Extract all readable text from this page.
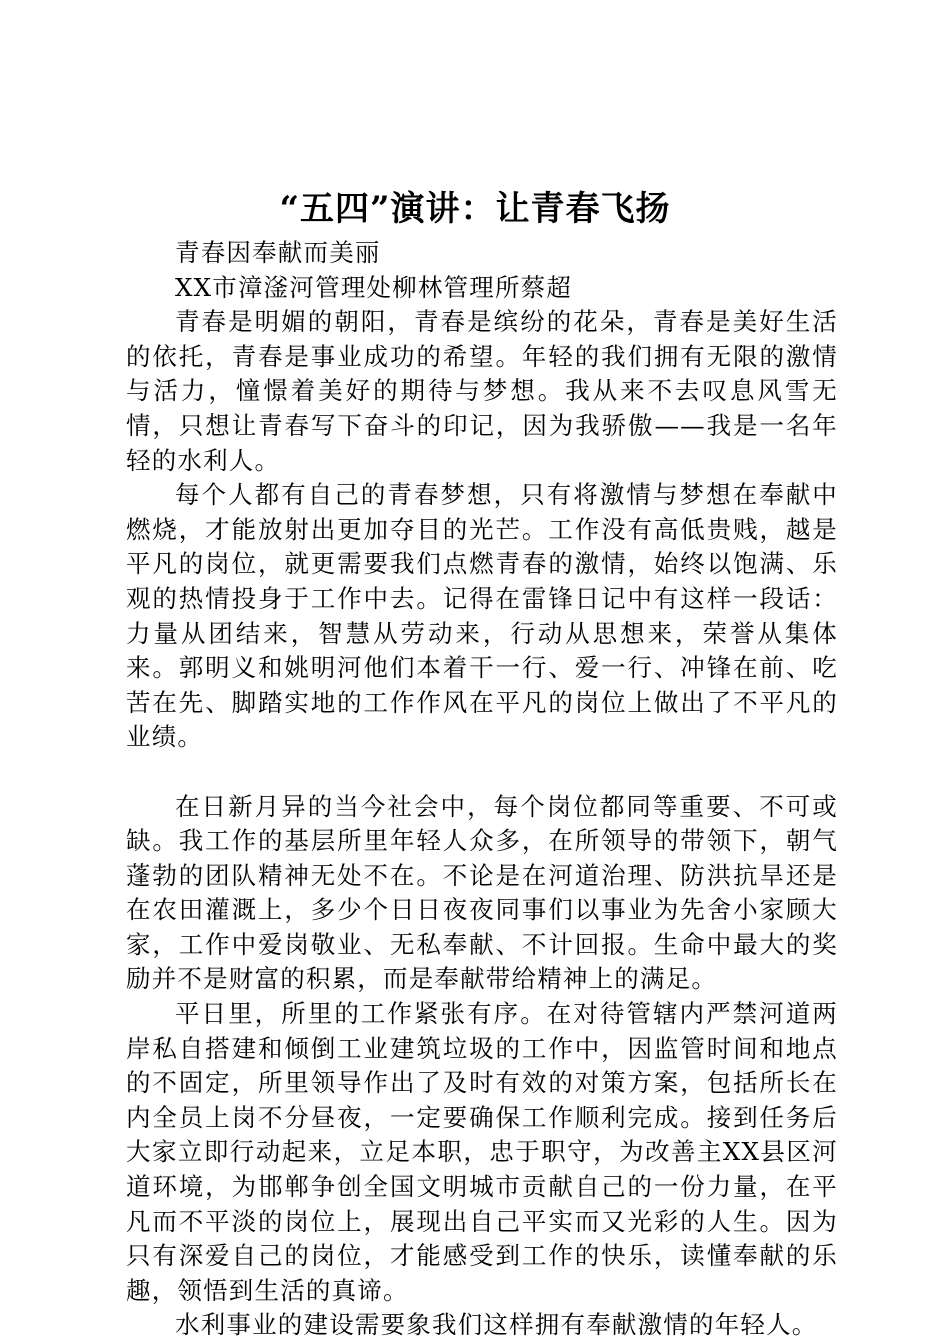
“五四”演讲：让青春飞扬

青春因奉献而美丽

XX市漳滏河管理处柳林管理所蔡超

青春是明媚的朝阳，青春是缤纷的花朵，青春是美好生活的依托，青春是事业成功的希望。年轻的我们拥有无限的激情与活力，憧憬着美好的期待与梦想。我从来不去叹息风雪无情，只想让青春写下奋斗的印记，因为我骄傲——我是一名年轻的水利人。

每个人都有自己的青春梦想，只有将激情与梦想在奉献中燃烧，才能放射出更加夺目的光芒。工作没有高低贵贱，越是平凡的岗位，就更需要我们点燃青春的激情，始终以饱满、乐观的热情投身于工作中去。记得在雷锋日记中有这样一段话：力量从团结来，智慧从劳动来，行动从思想来，荣誉从集体来。郭明义和姚明河他们本着干一行、爱一行、冲锋在前、吃苦在先、脚踏实地的工作作风在平凡的岗位上做出了不平凡的业绩。

在日新月异的当今社会中，每个岗位都同等重要、不可或缺。我工作的基层所里年轻人众多，在所领导的带领下，朝气蓬勃的团队精神无处不在。不论是在河道治理、防洪抗旱还是在农田灌溉上，多少个日日夜夜同事们以事业为先舍小家顾大家，工作中爱岗敬业、无私奉献、不计回报。生命中最大的奖励并不是财富的积累，而是奉献带给精神上的满足。

平日里，所里的工作紧张有序。在对待管辖内严禁河道两岸私自搭建和倾倒工业建筑垃圾的工作中，因监管时间和地点的不固定，所里领导作出了及时有效的对策方案，包括所长在内全员上岗不分昼夜，一定要确保工作顺利完成。接到任务后大家立即行动起来，立足本职，忠于职守，为改善主XX县区河道环境，为邯郸争创全国文明城市贡献自己的一份力量，在平凡而不平淡的岗位上，展现出自己平实而又光彩的人生。因为只有深爱自己的岗位，才能感受到工作的快乐，读懂奉献的乐趣，领悟到生活的真谛。

水利事业的建设需要象我们这样拥有奉献激情的年轻人。
